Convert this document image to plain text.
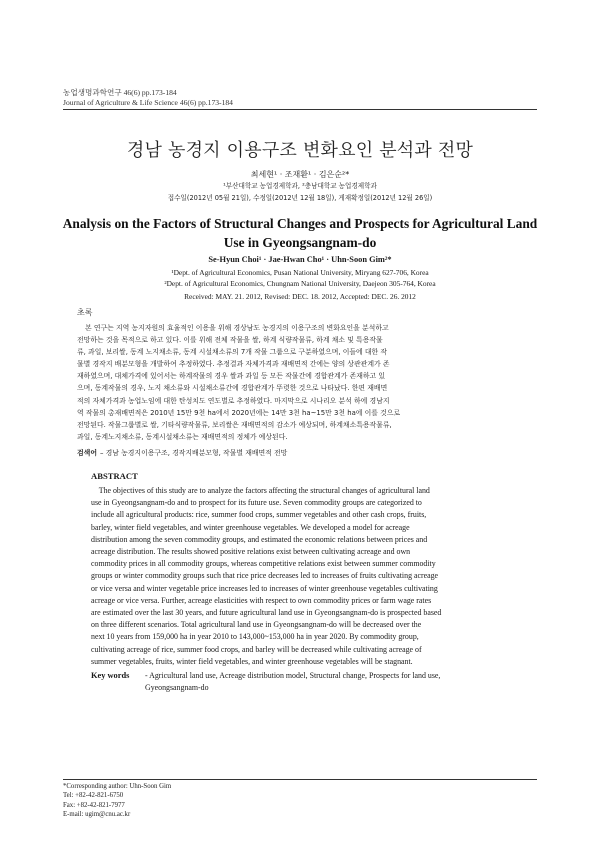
농업생명과학연구 46(6) pp.173-184
Journal of Agriculture & Life Science 46(6) pp.173-184
경남 농경지 이용구조 변화요인 분석과 전망
최세현¹ · 조재환¹ · 김은순²*
¹부산대학교 농업경제학과, ²충남대학교 농업경제학과
접수일(2012년 05월 21일), 수정일(2012년 12월 18일), 게재확정일(2012년 12월 26일)
Analysis on the Factors of Structural Changes and Prospects for Agricultural Land Use in Gyeongsangnam-do
Se-Hyun Choi¹ · Jae-Hwan Cho¹ · Uhn-Soon Gim²*
¹Dept. of Agricultural Economics, Pusan National University, Miryang 627-706, Korea
²Dept. of Agricultural Economics, Chungnam National University, Daejeon 305-764, Korea
Received: MAY. 21. 2012, Revised: DEC. 18. 2012, Accepted: DEC. 26. 2012
초록
본 연구는 지역 농지자원의 효율적인 이용을 위해 경상남도 농경지의 이용구조의 변화요인을 분석하고
전망하는 것을 목적으로 하고 있다. 이를 위해 전체 작물을 쌀, 하계 식량작물류, 하계 채소 및 특용작물
류, 과일, 보리쌀, 동계 노지채소류, 동계 시설채소류의 7개 작물 그룹으로 구분하였으며, 이들에 대한 작
물별 경작지 배분모형을 개발하여 추정하였다. 추정결과 자체가격과 재배면적 간에는 양의 상관관계가 존
재하였으며, 대체가격에 있어서는 하계작물의 경우 쌀과 과일 등 모든 작물간에 경합관계가 존재하고 있
으며, 동계작물의 경우, 노지 채소류와 시설채소류간에 경합관계가 뚜렷한 것으로 나타났다. 한편 재배면
적의 자체가격과 농업노임에 대한 탄성치도 연도별로 추정하였다. 마지막으로 시나리오 분석 하에 경남지
역 작물의 총재배면적은 2010년 15만 9천 ha에서 2020년에는 14만 3천 ha~15만 3천 ha에 이를 것으로
전망된다. 작물그룹별로 쌀, 기타식량작물류, 보리쌀은 재배면적의 감소가 예상되며, 하계채소특용작물류,
과일, 동계노지채소류, 동계시설채소류는 재배면적의 정체가 예상된다.
검색어 – 경남 농경지이용구조, 경작지배분모형, 작물별 재배면적 전망
ABSTRACT
The objectives of this study are to analyze the factors affecting the structural changes of agricultural land
use in Gyeongsangnam-do and to prospect for its future use. Seven commodity groups are categorized to
include all agricultural products: rice, summer food crops, summer vegetables and other cash crops, fruits,
barley, winter field vegetables, and winter greenhouse vegetables. We developed a model for acreage
distribution among the seven commodity groups, and estimated the economic relations between prices and
acreage distribution. The results showed positive relations exist between cultivating acreage and own
commodity prices in all commodity groups, whereas competitive relations exist between summer commodity
groups or winter commodity groups such that rice price decreases led to increases of fruits cultivating acreage
or vice versa and winter vegetable price increases led to increases of winter greenhouse vegetables cultivating
acreage or vice versa. Further, acreage elasticities with respect to own commodity prices or farm wage rates
are estimated over the last 30 years, and future agricultural land use in Gyeongsangnam-do is prospected based
on three different scenarios. Total agricultural land use in Gyeongsangnam-do will be decreased over the
next 10 years from 159,000 ha in year 2010 to 143,000~153,000 ha in year 2020. By commodity group,
cultivating acreage of rice, summer food crops, and barley will be decreased while cultivating acreage of
summer vegetables, fruits, winter field vegetables, and winter greenhouse vegetables will be stagnant.
Key words - Agricultural land use, Acreage distribution model, Structural change, Prospects for land use,
Gyeongsangnam-do
*Corresponding author: Uhn-Soon Gim
Tel: +82-42-821-6750
Fax: +82-42-821-7977
E-mail: ugim@cnu.ac.kr
